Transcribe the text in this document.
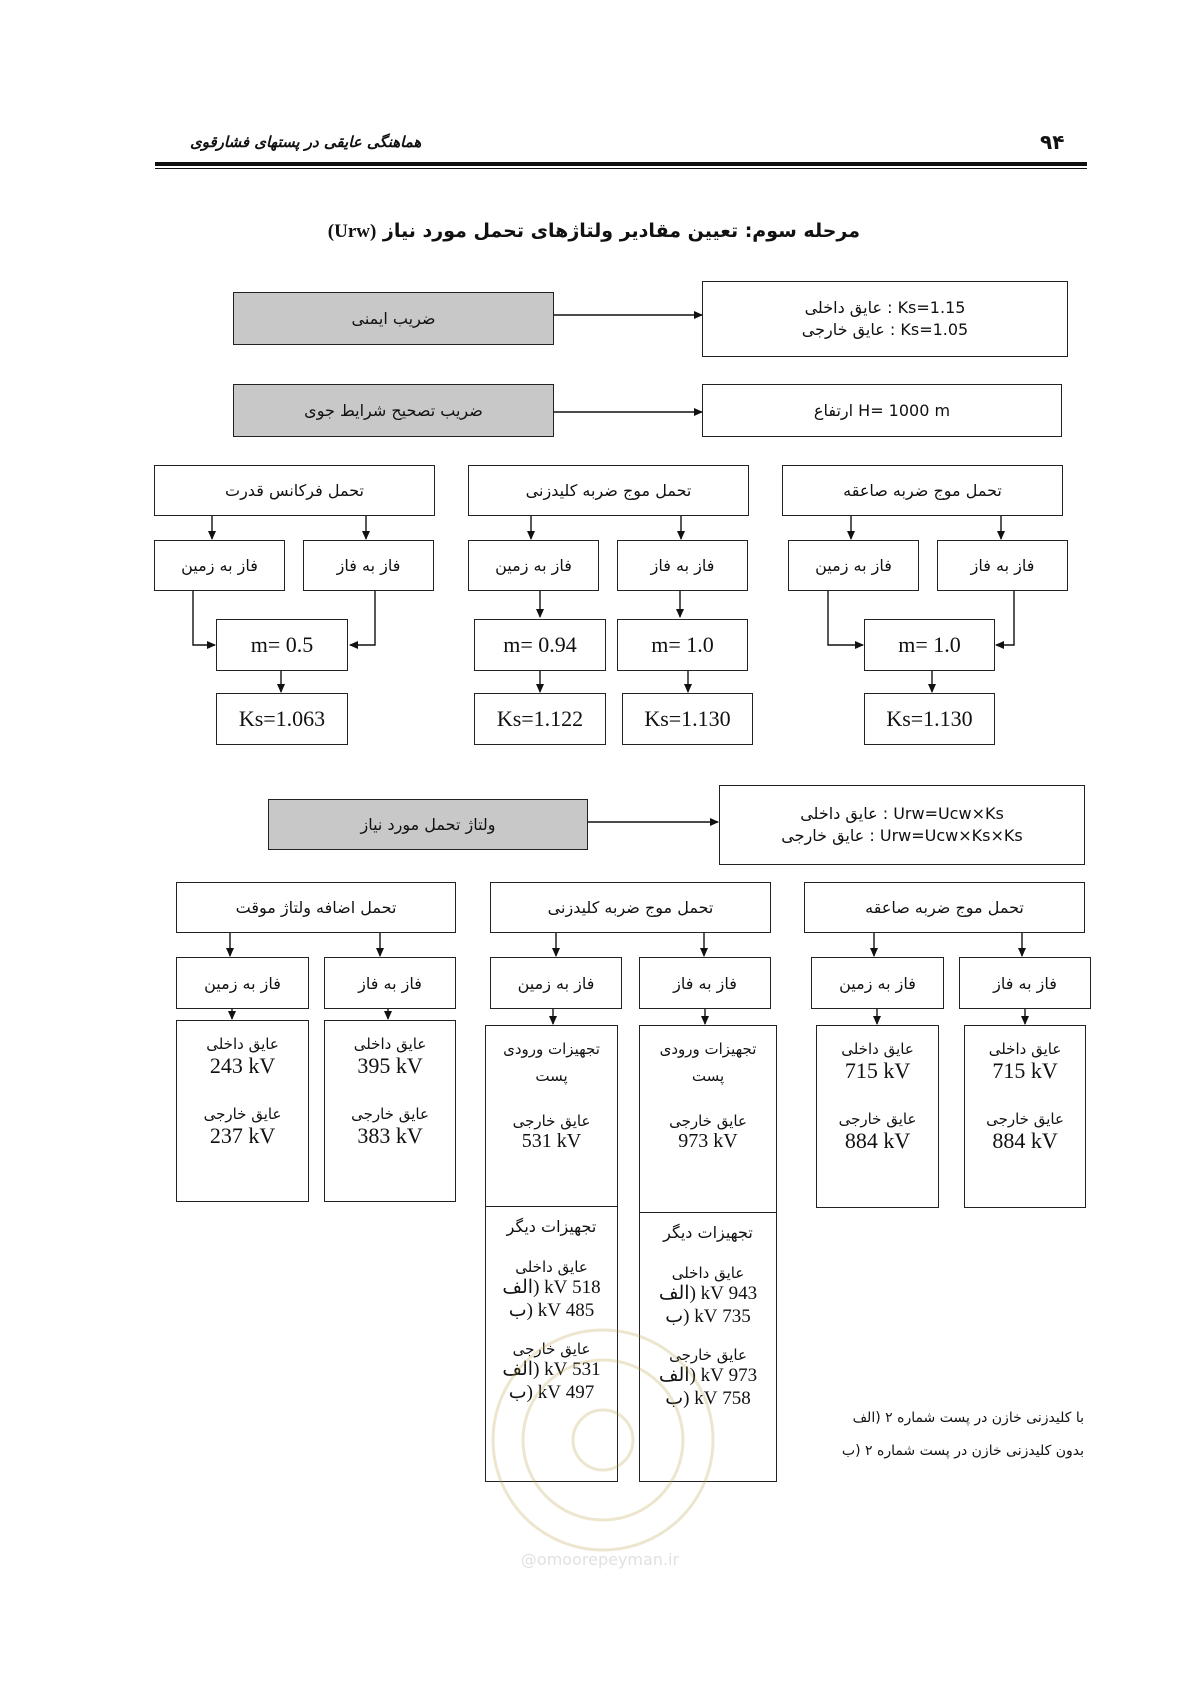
۹۴
هماهنگی عایقی در پستهای فشارقوی
مرحله سوم: تعیین مقادیر ولتاژهای تحمل مورد نیاز (Urw)
ضریب ایمنی
Ks=1.15 : عایق داخلی
Ks=1.05 : عایق خارجی
ضریب تصحیح شرایط جوی	H= 1000 m ارتفاع
تحمل فرکانس قدرت
فاز به زمین	فاز به فاز
m= 0.5
Ks=1.063
تحمل موج ضربه کلیدزنی
فاز به زمین	فاز به فاز
m= 0.94	m= 1.0
Ks=1.122	Ks=1.130
تحمل موج ضربه صاعقه
فاز به زمین	فاز به فاز
m= 1.0
Ks=1.130
ولتاژ تحمل مورد نیاز
Urw=Ucw×Ks : عایق داخلی
Urw=Ucw×Ks×Ks : عایق خارجی
تحمل اضافه ولتاژ موقت
فاز به زمین	فاز به فاز
عایق داخلی
243 kV
عایق خارجی
237 kV
عایق داخلی
395 kV
عایق خارجی
383 kV
تحمل موج ضربه کلیدزنی
فاز به زمین	فاز به فاز
تجهیزات ورودی پست
عایق خارجی
531 kV
تجهیزات دیگر
عایق داخلی
518 kV (الف
485 kV (ب
عایق خارجی
531 kV (الف
497 kV (ب
تجهیزات ورودی پست
عایق خارجی
973 kV
تجهیزات دیگر
عایق داخلی
943 kV (الف
735 kV (ب
عایق خارجی
973 kV (الف
758 kV (ب
تحمل موج ضربه صاعقه
فاز به زمین	فاز به فاز
عایق داخلی
715 kV
عایق خارجی
884 kV
عایق داخلی
715 kV
عایق خارجی
884 kV
با کلیدزنی خازن در پست شماره ۲ (الف
بدون کلیدزنی خازن در پست شماره ۲ (ب
@omoorepeyman.ir
